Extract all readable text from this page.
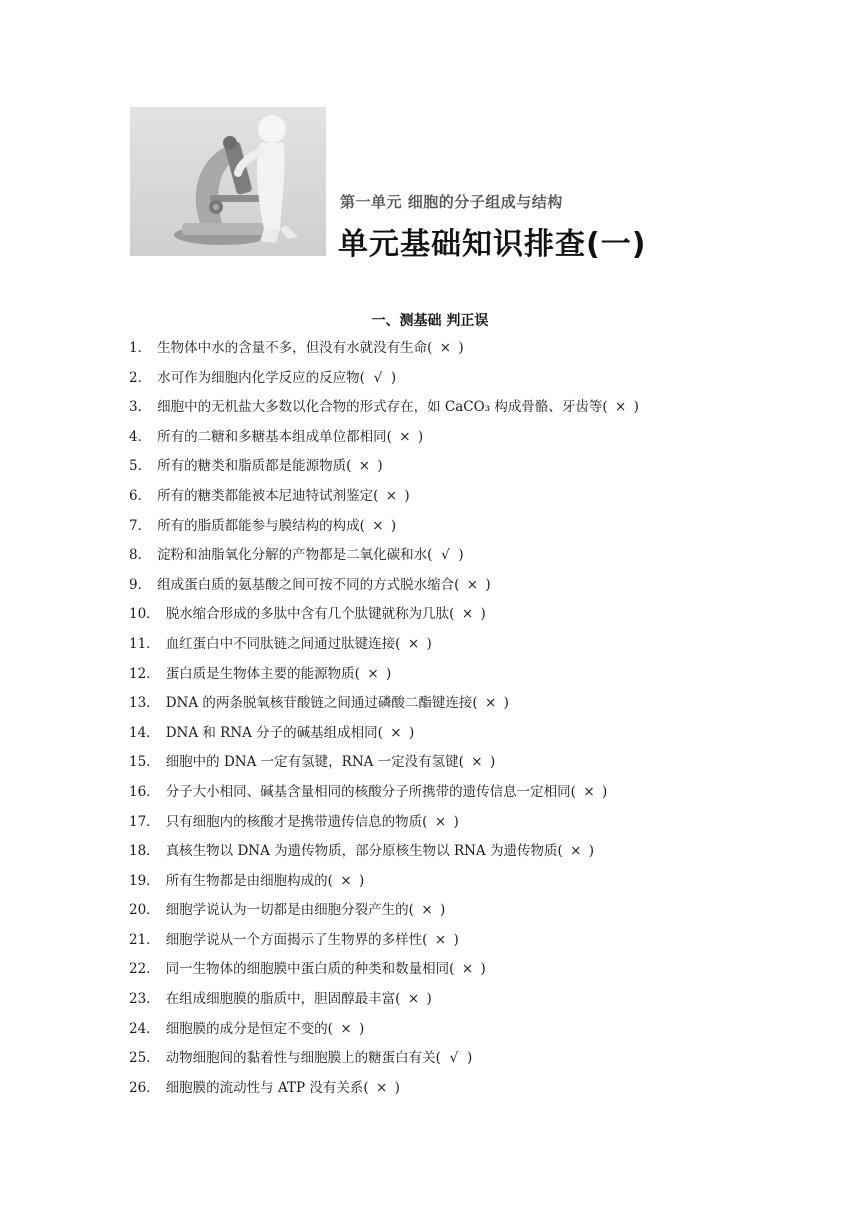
第一单元 细胞的分子组成与结构
单元基础知识排查(一)
一、测基础 判正误
1． 生物体中水的含量不多，但没有水就没有生命( × )
2． 水可作为细胞内化学反应的反应物( √ )
3． 细胞中的无机盐大多数以化合物的形式存在，如 CaCO₃ 构成骨骼、牙齿等( × )
4． 所有的二糖和多糖基本组成单位都相同( × )
5． 所有的糖类和脂质都是能源物质( × )
6． 所有的糖类都能被本尼迪特试剂鉴定( × )
7． 所有的脂质都能参与膜结构的构成( × )
8． 淀粉和油脂氧化分解的产物都是二氧化碳和水( √ )
9． 组成蛋白质的氨基酸之间可按不同的方式脱水缩合( × )
10． 脱水缩合形成的多肽中含有几个肽键就称为几肽( × )
11． 血红蛋白中不同肽链之间通过肽键连接( × )
12． 蛋白质是生物体主要的能源物质( × )
13． DNA 的两条脱氧核苷酸链之间通过磷酸二酯键连接( × )
14． DNA 和 RNA 分子的碱基组成相同( × )
15． 细胞中的 DNA 一定有氢键，RNA 一定没有氢键( × )
16． 分子大小相同、碱基含量相同的核酸分子所携带的遗传信息一定相同( × )
17． 只有细胞内的核酸才是携带遗传信息的物质( × )
18． 真核生物以 DNA 为遗传物质，部分原核生物以 RNA 为遗传物质( × )
19． 所有生物都是由细胞构成的( × )
20． 细胞学说认为一切都是由细胞分裂产生的( × )
21． 细胞学说从一个方面揭示了生物界的多样性( × )
22． 同一生物体的细胞膜中蛋白质的种类和数量相同( × )
23． 在组成细胞膜的脂质中，胆固醇最丰富( × )
24． 细胞膜的成分是恒定不变的( × )
25． 动物细胞间的黏着性与细胞膜上的糖蛋白有关( √ )
26． 细胞膜的流动性与 ATP 没有关系( × )
